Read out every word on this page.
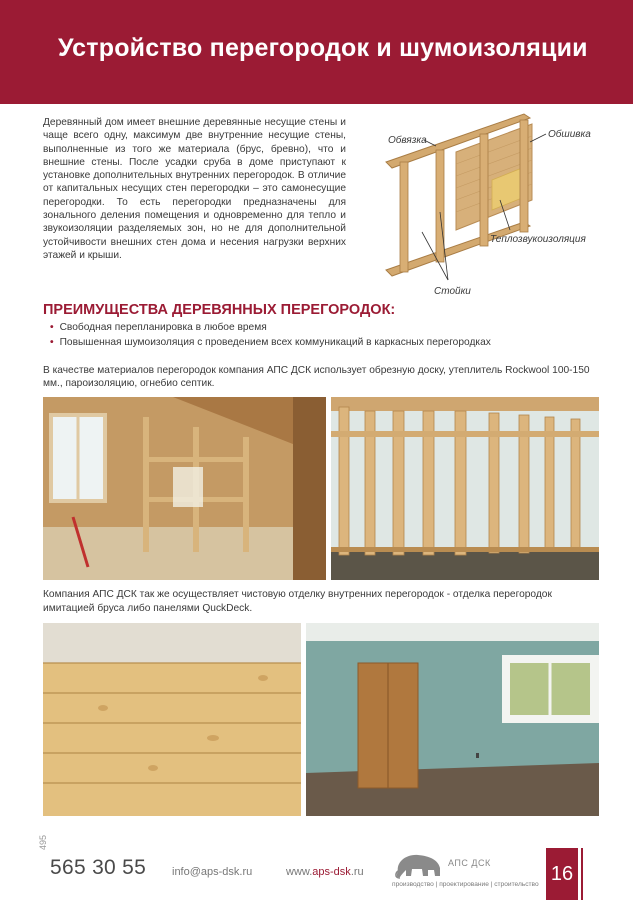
Устройство перегородок и шумоизоляции
Деревянный дом имеет внешние деревянные несущие стены и чаще всего одну, максимум две внутренние несущие стены, выполненные из того же материала (брус, бревно), что и внешние стены. После усадки сруба в доме приступают к установке дополнительных внутренних перегородок. В отличие от капитальных несущих стен перегородки – это самонесущие перегородки. То есть перегородки предназначены для зонального деления помещения и одновременно для тепло и звукоизоляции разделяемых зон, но не для дополнительной устойчивости внешних стен дома и несения нагрузки верхних этажей и крыши.
Обвязка
Обшивка
Теплозвукоизоляция
Стойки
ПРЕИМУЩЕСТВА ДЕРЕВЯННЫХ ПЕРЕГОРОДОК:
• Свободная перепланировка в любое время
• Повышенная шумоизоляция с проведением всех коммуникаций в каркасных перегородках
В качестве материалов перегородок компания АПС ДСК использует обрезную доску, утеплитель Rockwool 100-150 мм., пароизоляцию, огнебио септик.
Компания АПС ДСК так же осуществляет чистовую отделку внутренних перегородок - отделка перегородок имитацией бруса либо панелями QuckDeck.
495
565 30 55 info@aps-dsk.ru	www.aps-dsk.ru
АПС ДСК
производство | проектирование | строительство 16
